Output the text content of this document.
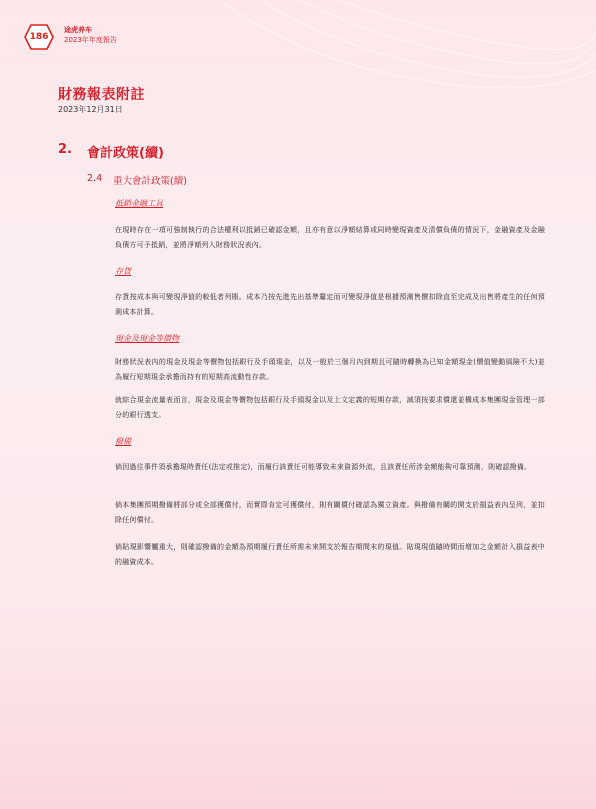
186
途虎养车
2023年年度報告
財務報表附註
2023年12月31日
2. 會計政策(續)
2.4 重大會計政策(續)
抵銷金融工具
在現時存在一項可強制執行的合法權利以抵銷已確認金額，且亦有意以淨額結算或同時變現資產及清償負債的情況下，金融資產及金融負債方可予抵銷，並將淨額列入財務狀況表內。
存貨
存貨按成本與可變現淨值的較低者列賬。成本乃按先進先出基準釐定而可變現淨值是根據預測售價扣除直至完成及出售將產生的任何預測成本計算。
現金及現金等價物
財務狀況表內的現金及現金等價物包括銀行及手頭現金，以及一般於三個月內到期且可隨時轉換為已知金額現金(價值變動風險不大)並為履行短期現金承擔而持有的短期高流動性存款。
就綜合現金流量表而言，現金及現金等價物包括銀行及手頭現金以及上文定義的短期存款，減須按要求償還並構成本集團現金管理一部分的銀行透支。
撥備
倘因過往事件須承擔現時責任(法定或推定)，而履行該責任可能導致未來資源外流，且該責任所涉金額能夠可靠預測，則確認撥備。
倘本集團預期撥備將部分或全部獲償付，而實際肯定可獲償付，則有關償付確認為獨立資產。與撥備有關的開支於損益表內呈列，並扣除任何償付。
倘貼現影響屬重大，則確認撥備的金額為預期履行責任所需未來開支於報告期間末的現值。貼現現值隨時間而增加之金額計入損益表中的融資成本。
